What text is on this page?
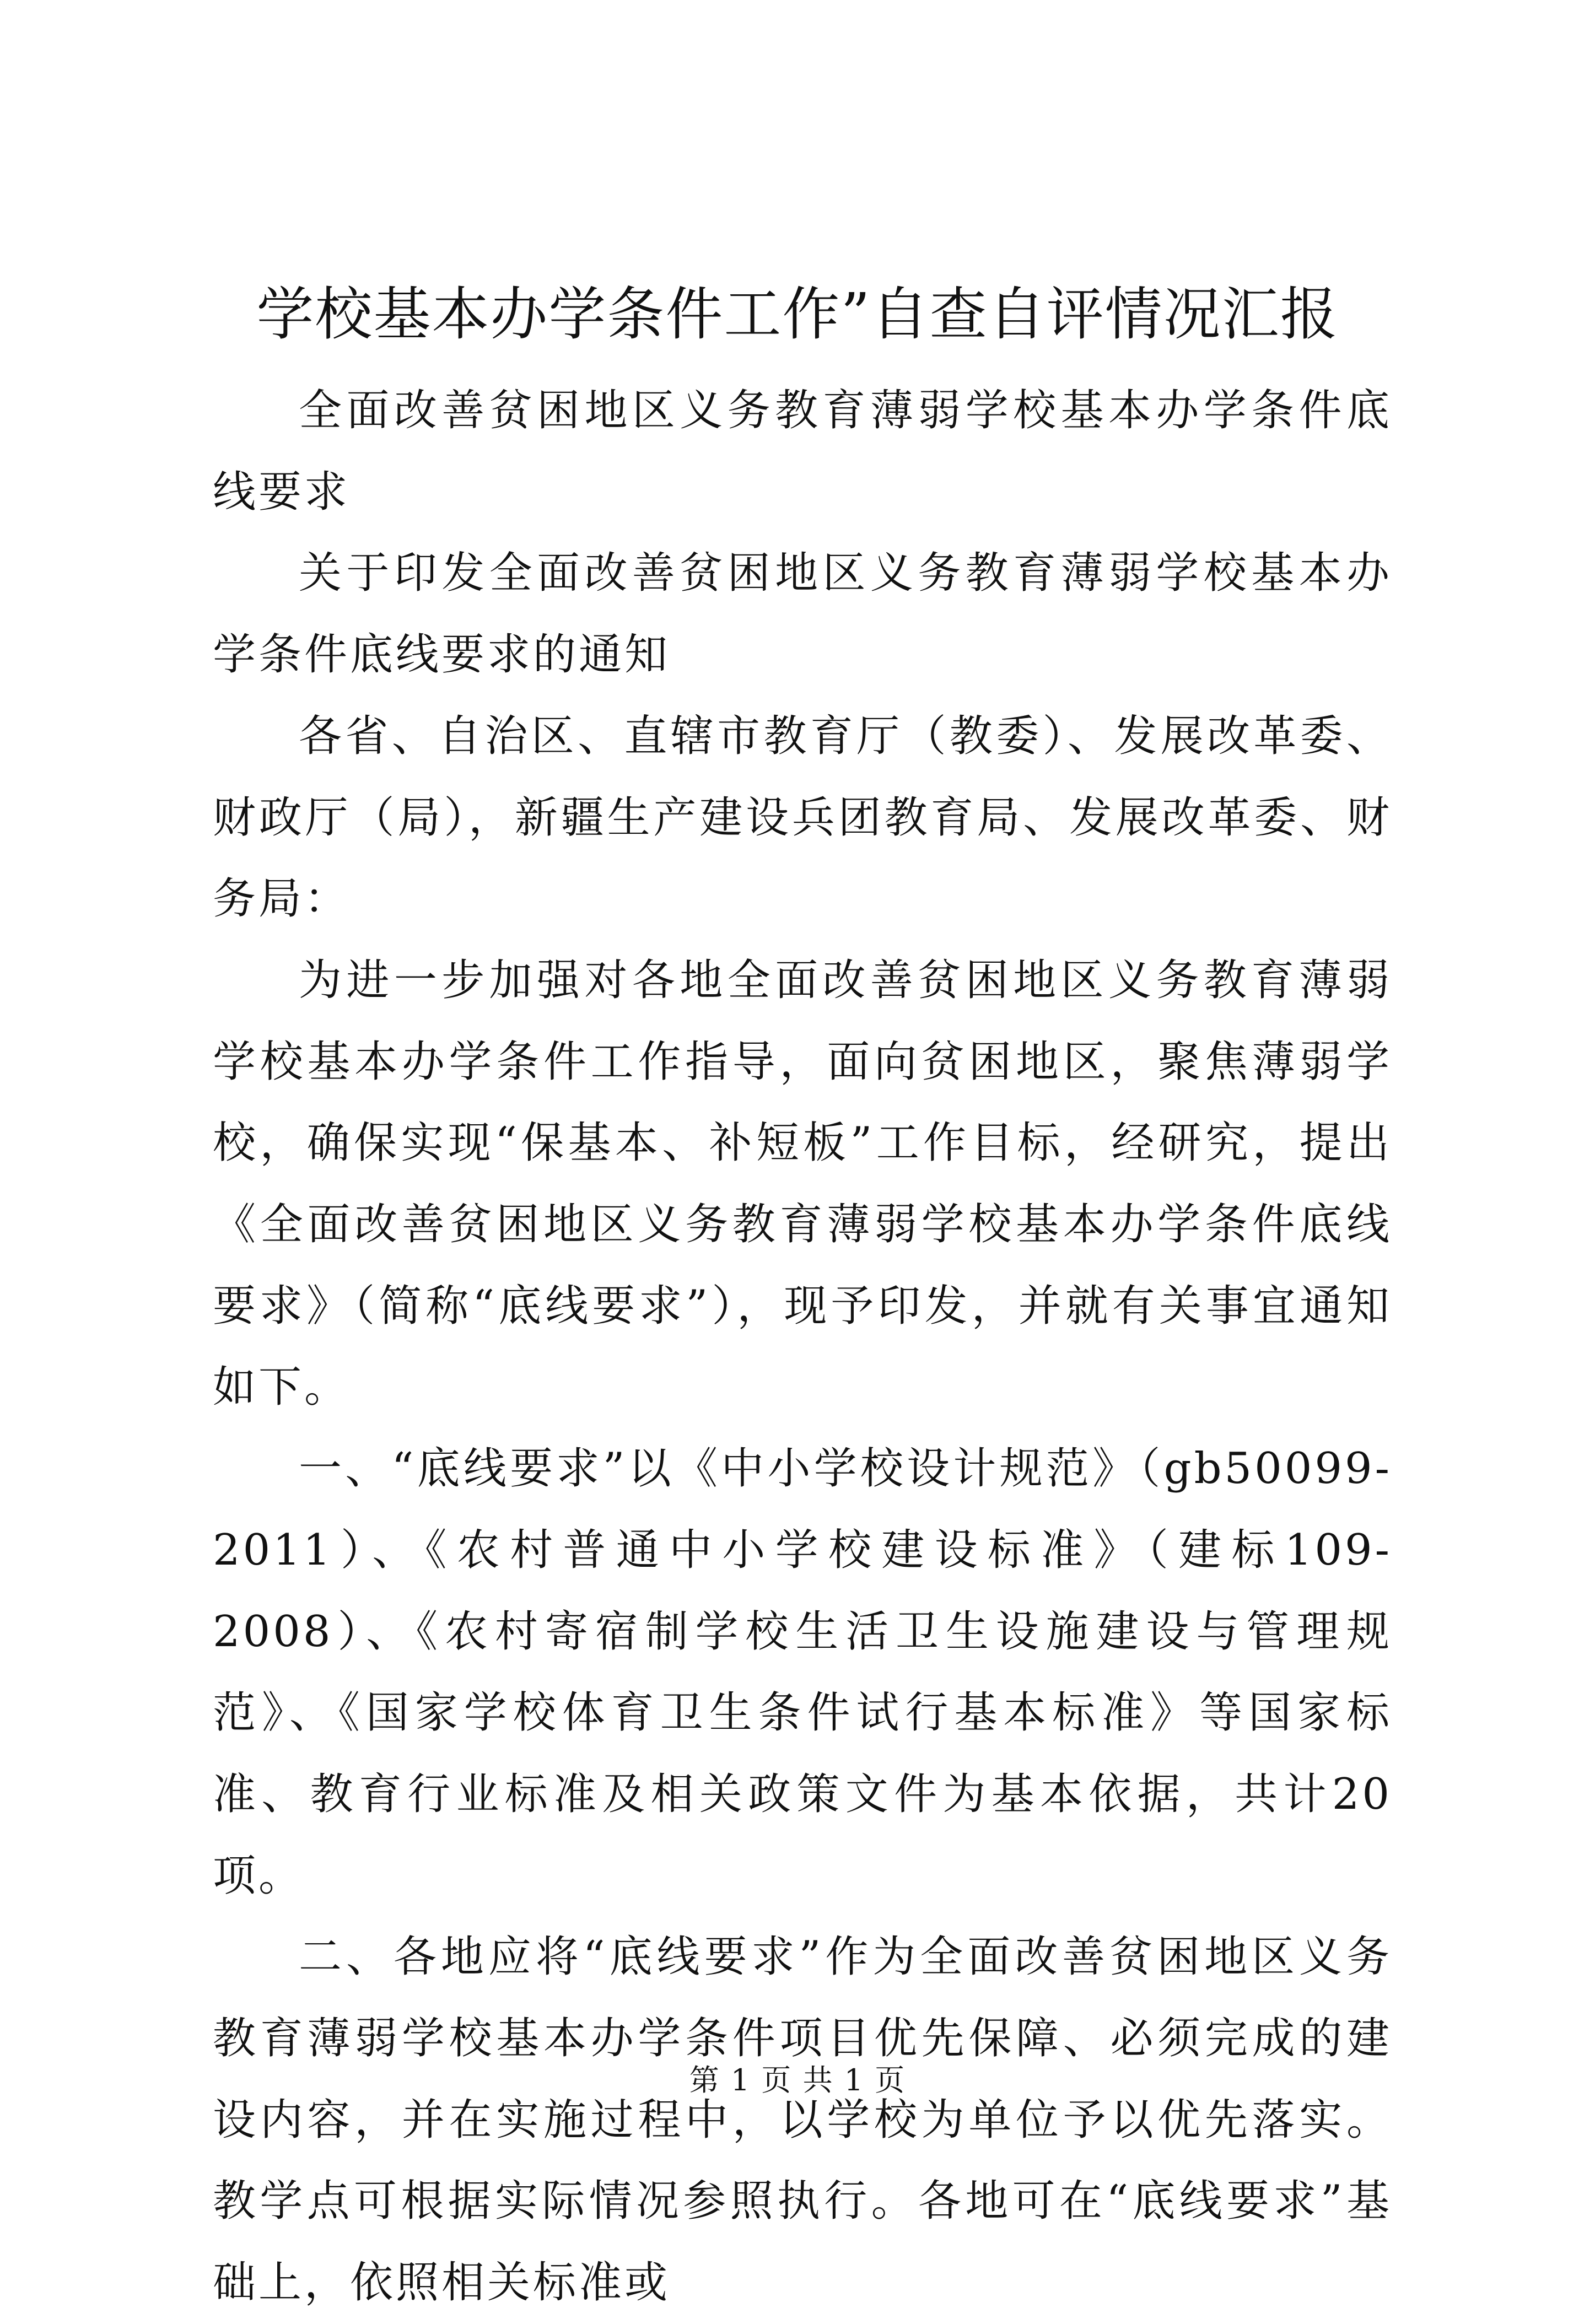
学校基本办学条件工作”自查自评情况汇报

全面改善贫困地区义务教育薄弱学校基本办学条件底线要求

关于印发全面改善贫困地区义务教育薄弱学校基本办学条件底线要求的通知

各省、自治区、直辖市教育厅（教委）、发展改革委、财政厅（局），新疆生产建设兵团教育局、发展改革委、财务局：

为进一步加强对各地全面改善贫困地区义务教育薄弱学校基本办学条件工作指导，面向贫困地区，聚焦薄弱学校，确保实现“保基本、补短板”工作目标，经研究，提出《全面改善贫困地区义务教育薄弱学校基本办学条件底线要求》（简称“底线要求”），现予印发，并就有关事宜通知如下。

一、“底线要求”以《中小学校设计规范》（gb50099-2011）、《农村普通中小学校建设标准》（建标109-2008）、《农村寄宿制学校生活卫生设施建设与管理规范》、《国家学校体育卫生条件试行基本标准》等国家标准、教育行业标准及相关政策文件为基本依据，共计20项。

二、各地应将“底线要求”作为全面改善贫困地区义务教育薄弱学校基本办学条件项目优先保障、必须完成的建设内容，并在实施过程中，以学校为单位予以优先落实。教学点可根据实际情况参照执行。各地可在“底线要求”基础上，依照相关标准或

第 1 页 共 1 页
